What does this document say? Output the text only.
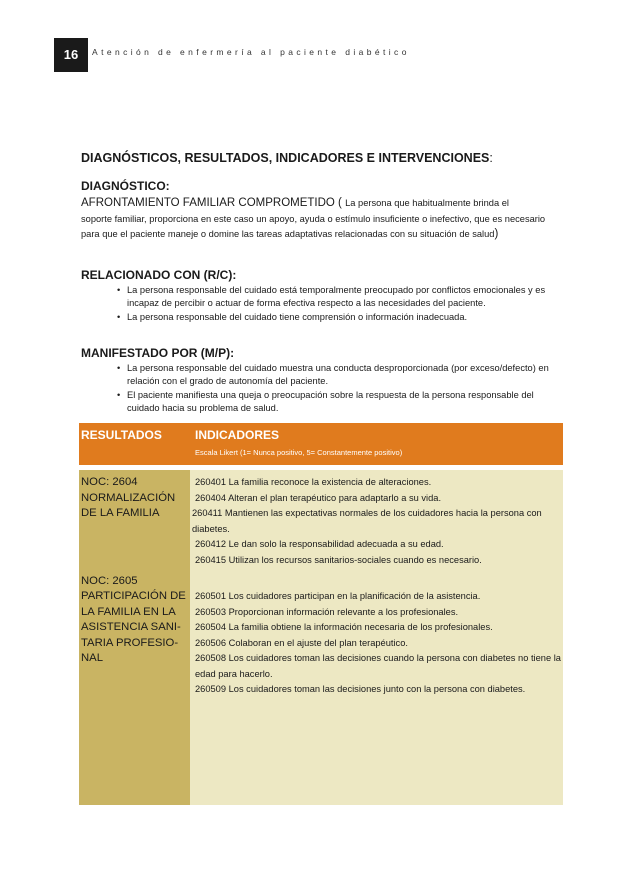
16	Atención de enfermería al paciente diabético
DIAGNÓSTICOS, RESULTADOS, INDICADORES E INTERVENCIONES:
DIAGNÓSTICO:
AFRONTAMIENTO FAMILIAR COMPROMETIDO ( La persona que habitualmente brinda el
soporte familiar, proporciona en este caso un apoyo, ayuda o estímulo insuficiente o inefectivo, que es necesario para que el paciente maneje o domine las tareas adaptativas relacionadas con su situación de salud)
RELACIONADO CON (R/C):
• La persona responsable del cuidado está temporalmente preocupado por conflictos emocionales y es incapaz de percibir o actuar de forma efectiva respecto a las necesidades del paciente.
• La persona responsable del cuidado tiene comprensión o información inadecuada.
MANIFESTADO POR (M/P):
• La persona responsable del cuidado muestra una conducta desproporcionada (por exceso/defecto) en relación con el grado de autonomía del paciente.
• El paciente manifiesta una queja o preocupación sobre la respuesta de la persona responsable del cuidado hacia su problema de salud.
RESULTADOS	INDICADORES
Escala Likert (1= Nunca positivo, 5= Constantemente positivo)

NOC: 2604

NORMALIZACIÓN

DE LA FAMILIA

NOC: 2605

PARTICIPACIÓN DE

LA FAMILIA EN LA

ASISTENCIA SANI-

TARIA PROFESIO-

NAL

260401 La familia reconoce la existencia de alteraciones.

260404 Alteran el plan terapéutico para adaptarlo a su vida.

260411 Mantienen las expectativas normales de los cuidadores hacia la persona con diabetes.

260412 Le dan solo la responsabilidad adecuada a su edad.

260415 Utilizan los recursos sanitarios-sociales cuando es necesario.

260501 Los cuidadores participan en la planificación de la asistencia.

260503 Proporcionan información relevante a los profesionales.

260504 La familia obtiene la información necesaria de los profesionales.

260506 Colaboran en el ajuste del plan terapéutico.

260508 Los cuidadores toman las decisiones cuando la persona con diabetes no tiene la edad para hacerlo.

260509 Los cuidadores toman las decisiones junto con la persona con diabetes.
